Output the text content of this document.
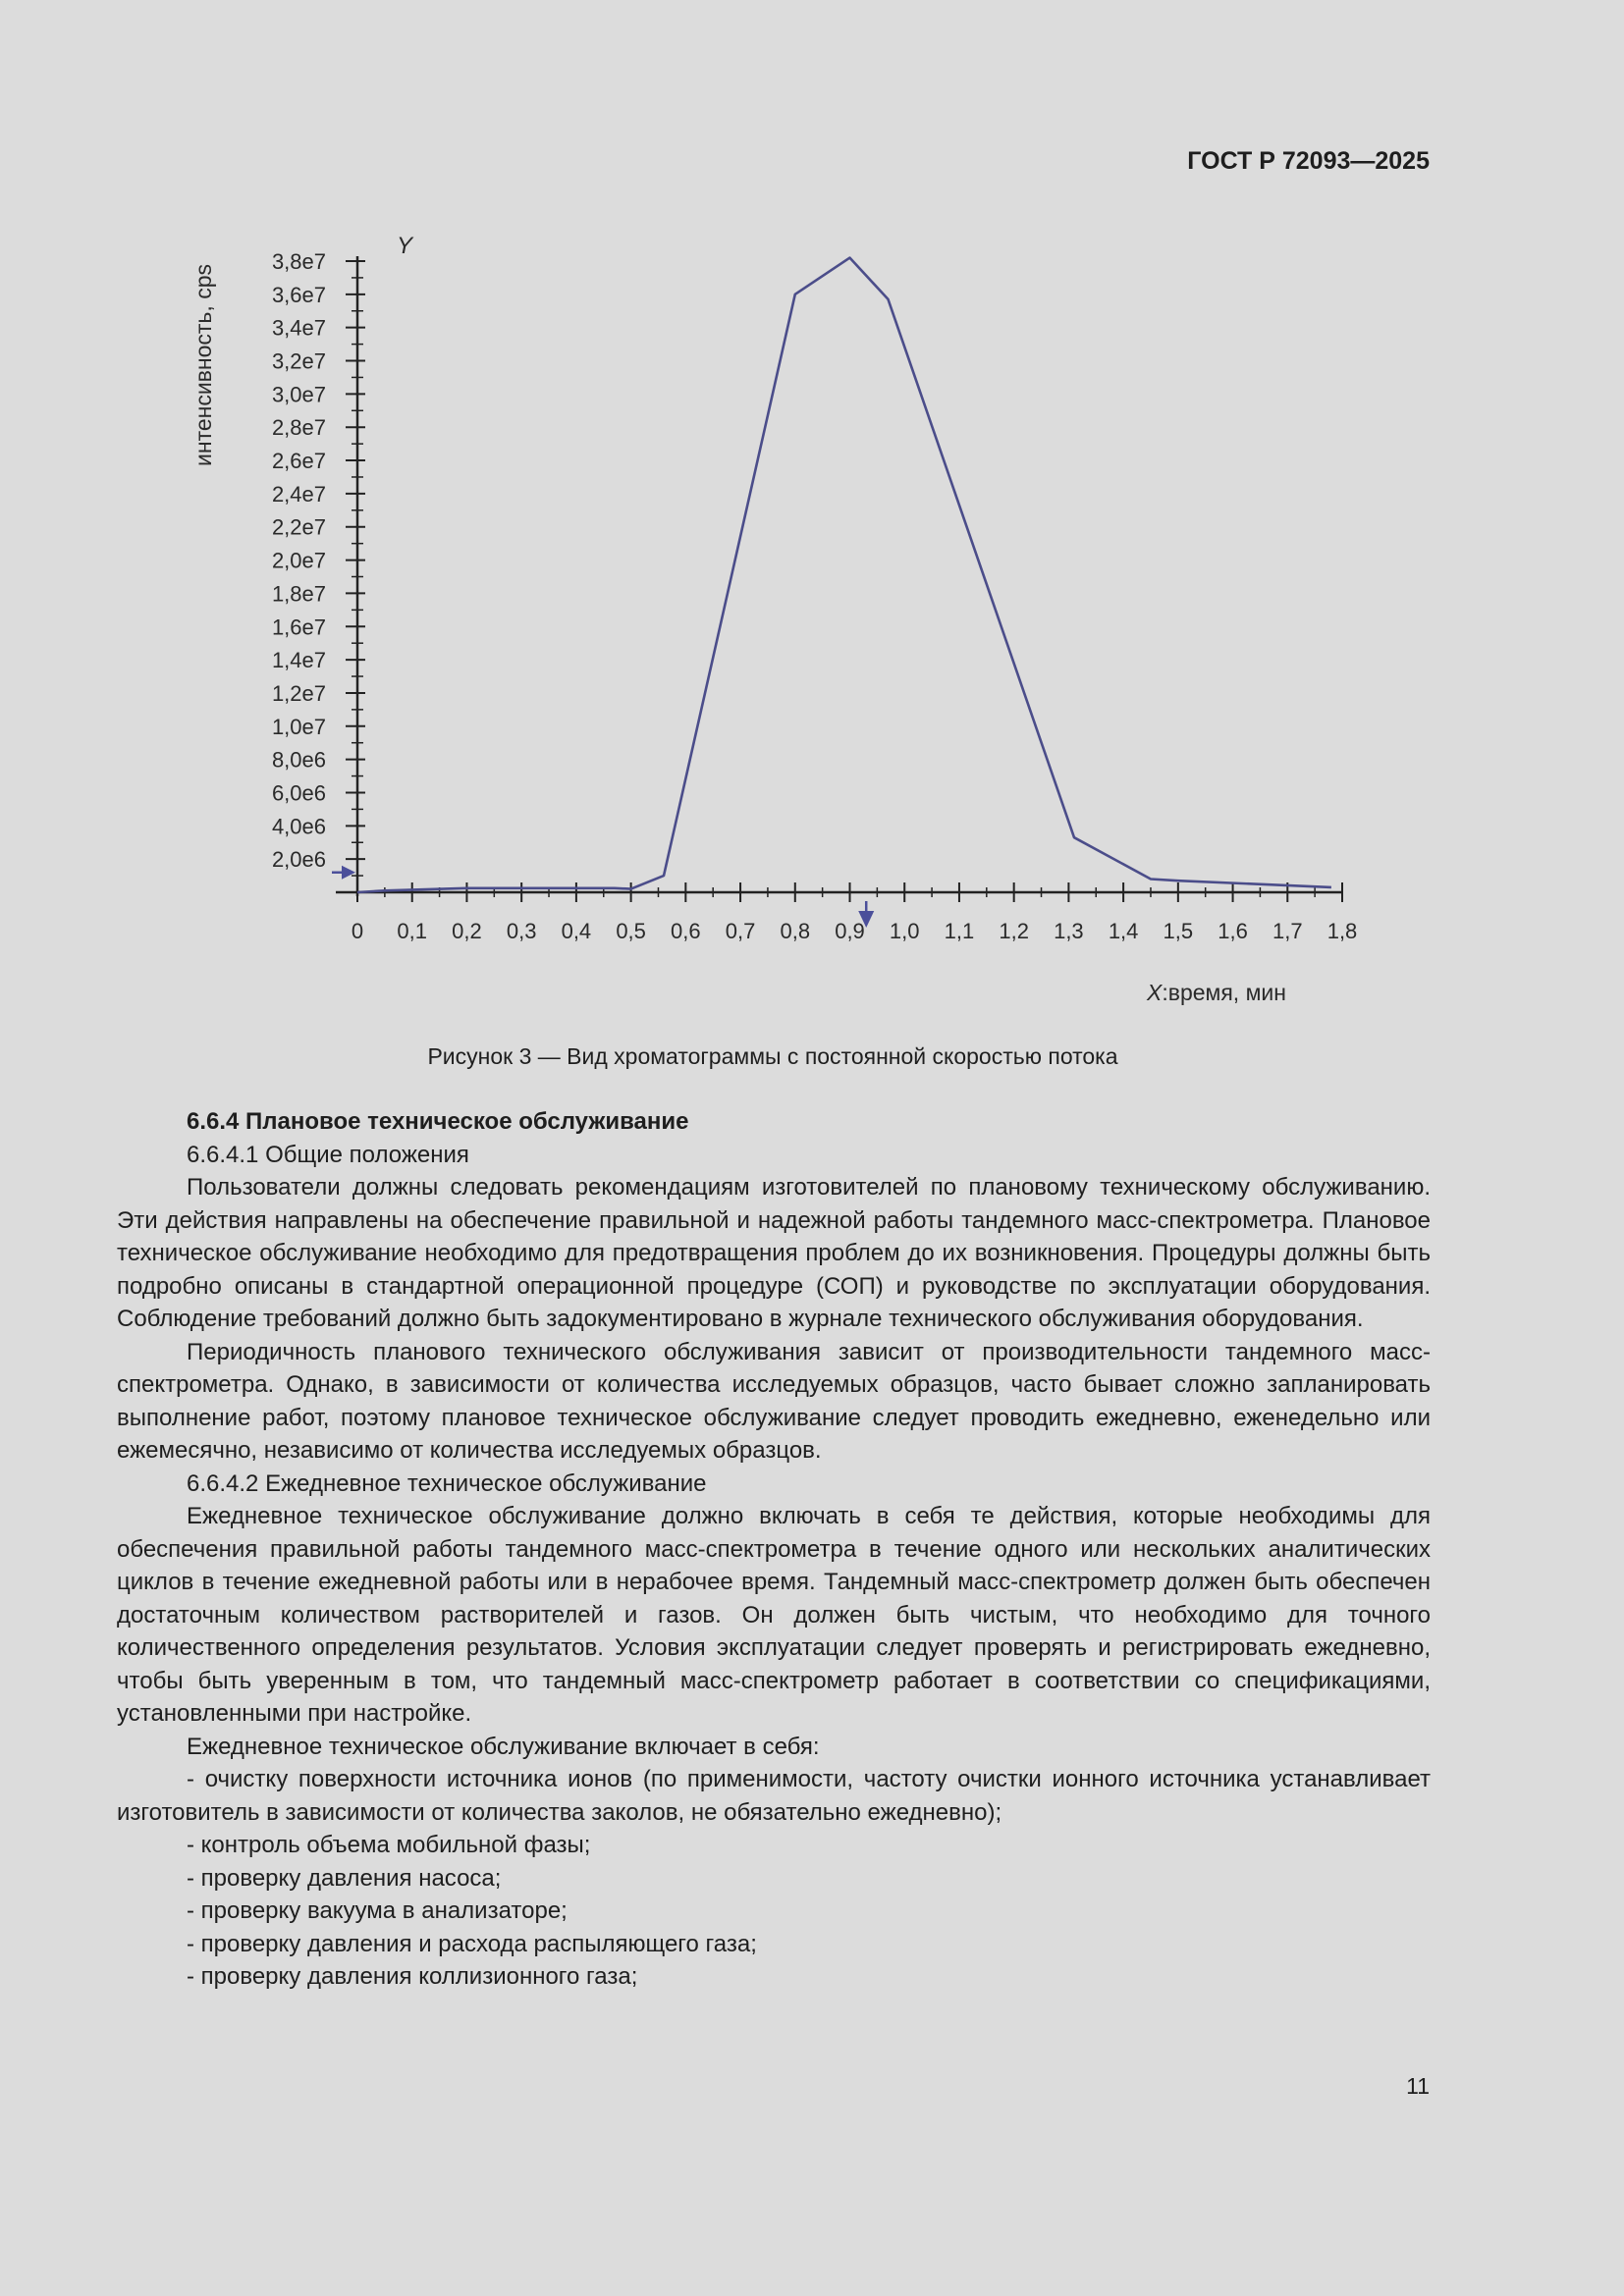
ГОСТ Р 72093—2025
Y
интенсивность, cps
2,0e6
4,0e6
6,0e6
8,0e6
1,0e7
1,2e7
1,4e7
1,6e7
1,8e7
2,0e7
2,2e7
2,4e7
2,6e7
2,8e7
3,0e7
3,2e7
3,4e7
3,6e7
3,8e7
0 0,1 0,2 0,3 0,4 0,5 0,6 0,7 0,8 0,9 1,0 1,1 1,2 1,3 1,4 1,5 1,6 1,7 1,8
X:время, мин
Рисунок 3 — Вид хроматограммы с постоянной скоростью потока

6.6.4 Плановое техническое обслуживание

6.6.4.1 Общие положения

Пользователи должны следовать рекомендациям изготовителей по плановому техническому обслуживанию. Эти действия направлены на обеспечение правильной и надежной работы тандемного масс-спектрометра. Плановое техническое обслуживание необходимо для предотвращения проблем до их возникновения. Процедуры должны быть подробно описаны в стандартной операционной процедуре (СОП) и руководстве по эксплуатации оборудования. Соблюдение требований должно быть задокументировано в журнале технического обслуживания оборудования.

Периодичность планового технического обслуживания зависит от производительности тандемного масс-спектрометра. Однако, в зависимости от количества исследуемых образцов, часто бывает сложно запланировать выполнение работ, поэтому плановое техническое обслуживание следует проводить ежедневно, еженедельно или ежемесячно, независимо от количества исследуемых образцов.

6.6.4.2 Ежедневное техническое обслуживание

Ежедневное техническое обслуживание должно включать в себя те действия, которые необходимы для обеспечения правильной работы тандемного масс-спектрометра в течение одного или нескольких аналитических циклов в течение ежедневной работы или в нерабочее время. Тандемный масс-спектрометр должен быть обеспечен достаточным количеством растворителей и газов. Он должен быть чистым, что необходимо для точного количественного определения результатов. Условия эксплуатации следует проверять и регистрировать ежедневно, чтобы быть уверенным в том, что тандемный масс-спектрометр работает в соответствии со спецификациями, установленными при настройке.

Ежедневное техническое обслуживание включает в себя:

- очистку поверхности источника ионов (по применимости, частоту очистки ионного источника устанавливает изготовитель в зависимости от количества заколов, не обязательно ежедневно);

- контроль объема мобильной фазы;

- проверку давления насоса;

- проверку вакуума в анализаторе;

- проверку давления и расхода распыляющего газа;

- проверку давления коллизионного газа;

11
